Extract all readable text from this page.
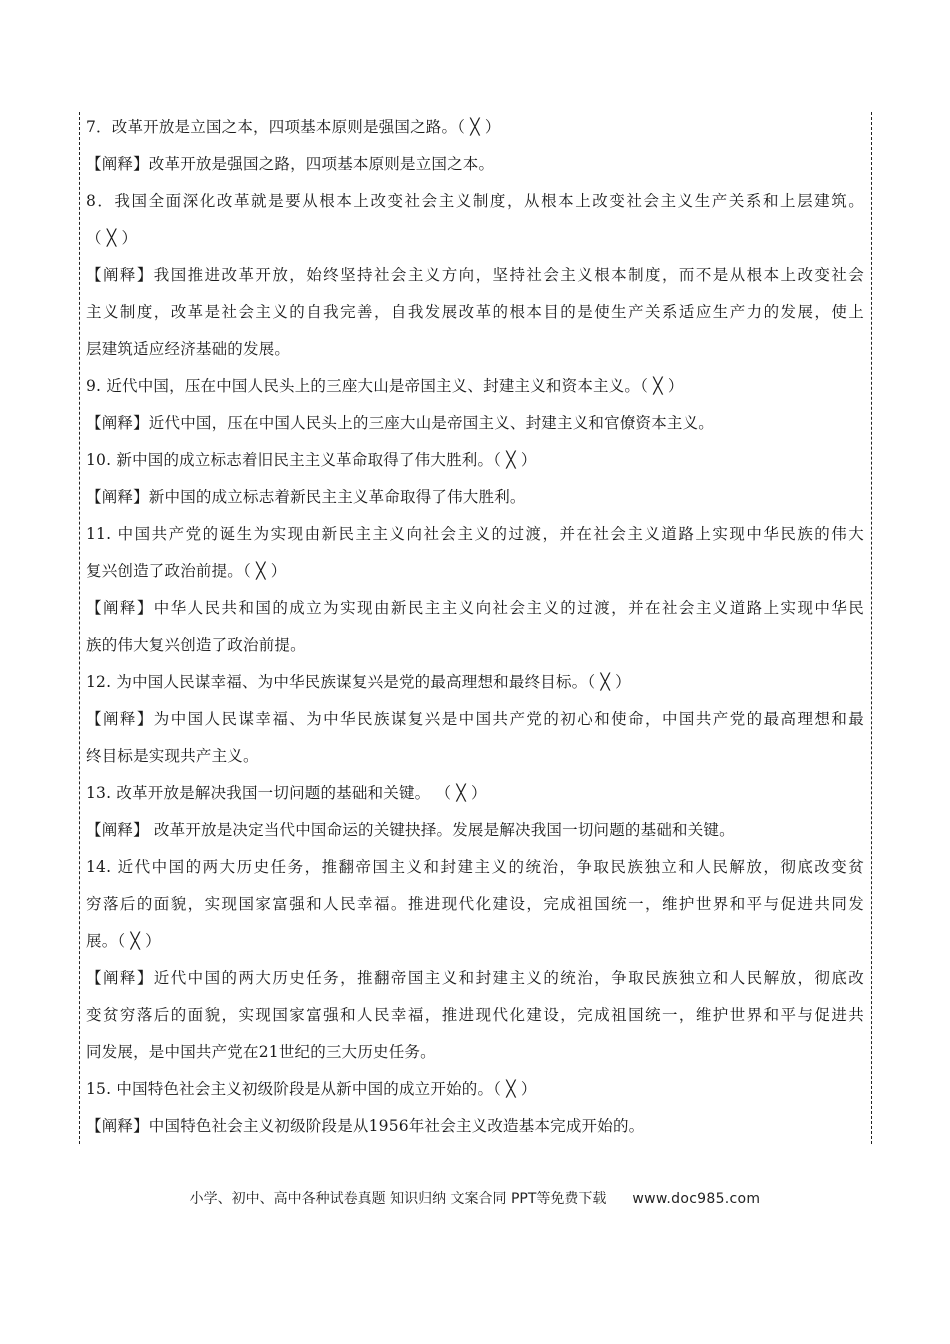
7．改革开放是立国之本，四项基本原则是强国之路。（ ╳ ）
【阐释】改革开放是强国之路，四项基本原则是立国之本。
8．我国全面深化改革就是要从根本上改变社会主义制度，从根本上改变社会主义生产关系和上层建筑。
（ ╳ ）
【阐释】我国推进改革开放，始终坚持社会主义方向，坚持社会主义根本制度，而不是从根本上改变社会
主义制度，改革是社会主义的自我完善，自我发展改革的根本目的是使生产关系适应生产力的发展，使上
层建筑适应经济基础的发展。
9. 近代中国，压在中国人民头上的三座大山是帝国主义、封建主义和资本主义。（ ╳ ）
【阐释】近代中国，压在中国人民头上的三座大山是帝国主义、封建主义和官僚资本主义。
10. 新中国的成立标志着旧民主主义革命取得了伟大胜利。（ ╳ ）
【阐释】新中国的成立标志着新民主主义革命取得了伟大胜利。
11. 中国共产党的诞生为实现由新民主主义向社会主义的过渡，并在社会主义道路上实现中华民族的伟大
复兴创造了政治前提。（ ╳ ）
【阐释】中华人民共和国的成立为实现由新民主主义向社会主义的过渡，并在社会主义道路上实现中华民
族的伟大复兴创造了政治前提。
12. 为中国人民谋幸福、为中华民族谋复兴是党的最高理想和最终目标。（ ╳ ）
【阐释】为中国人民谋幸福、为中华民族谋复兴是中国共产党的初心和使命，中国共产党的最高理想和最
终目标是实现共产主义。
13. 改革开放是解决我国一切问题的基础和关键。 （ ╳ ）
【阐释】 改革开放是决定当代中国命运的关键抉择。发展是解决我国一切问题的基础和关键。
14. 近代中国的两大历史任务，推翻帝国主义和封建主义的统治，争取民族独立和人民解放，彻底改变贫
穷落后的面貌，实现国家富强和人民幸福。推进现代化建设，完成祖国统一，维护世界和平与促进共同发
展。（ ╳ ）
【阐释】近代中国的两大历史任务，推翻帝国主义和封建主义的统治，争取民族独立和人民解放，彻底改
变贫穷落后的面貌，实现国家富强和人民幸福，推进现代化建设，完成祖国统一，维护世界和平与促进共
同发展，是中国共产党在21世纪的三大历史任务。
15. 中国特色社会主义初级阶段是从新中国的成立开始的。（ ╳ ）
【阐释】中国特色社会主义初级阶段是从1956年社会主义改造基本完成开始的。
小学、初中、高中各种试卷真题 知识归纳 文案合同 PPT等免费下载 www.doc985.com
